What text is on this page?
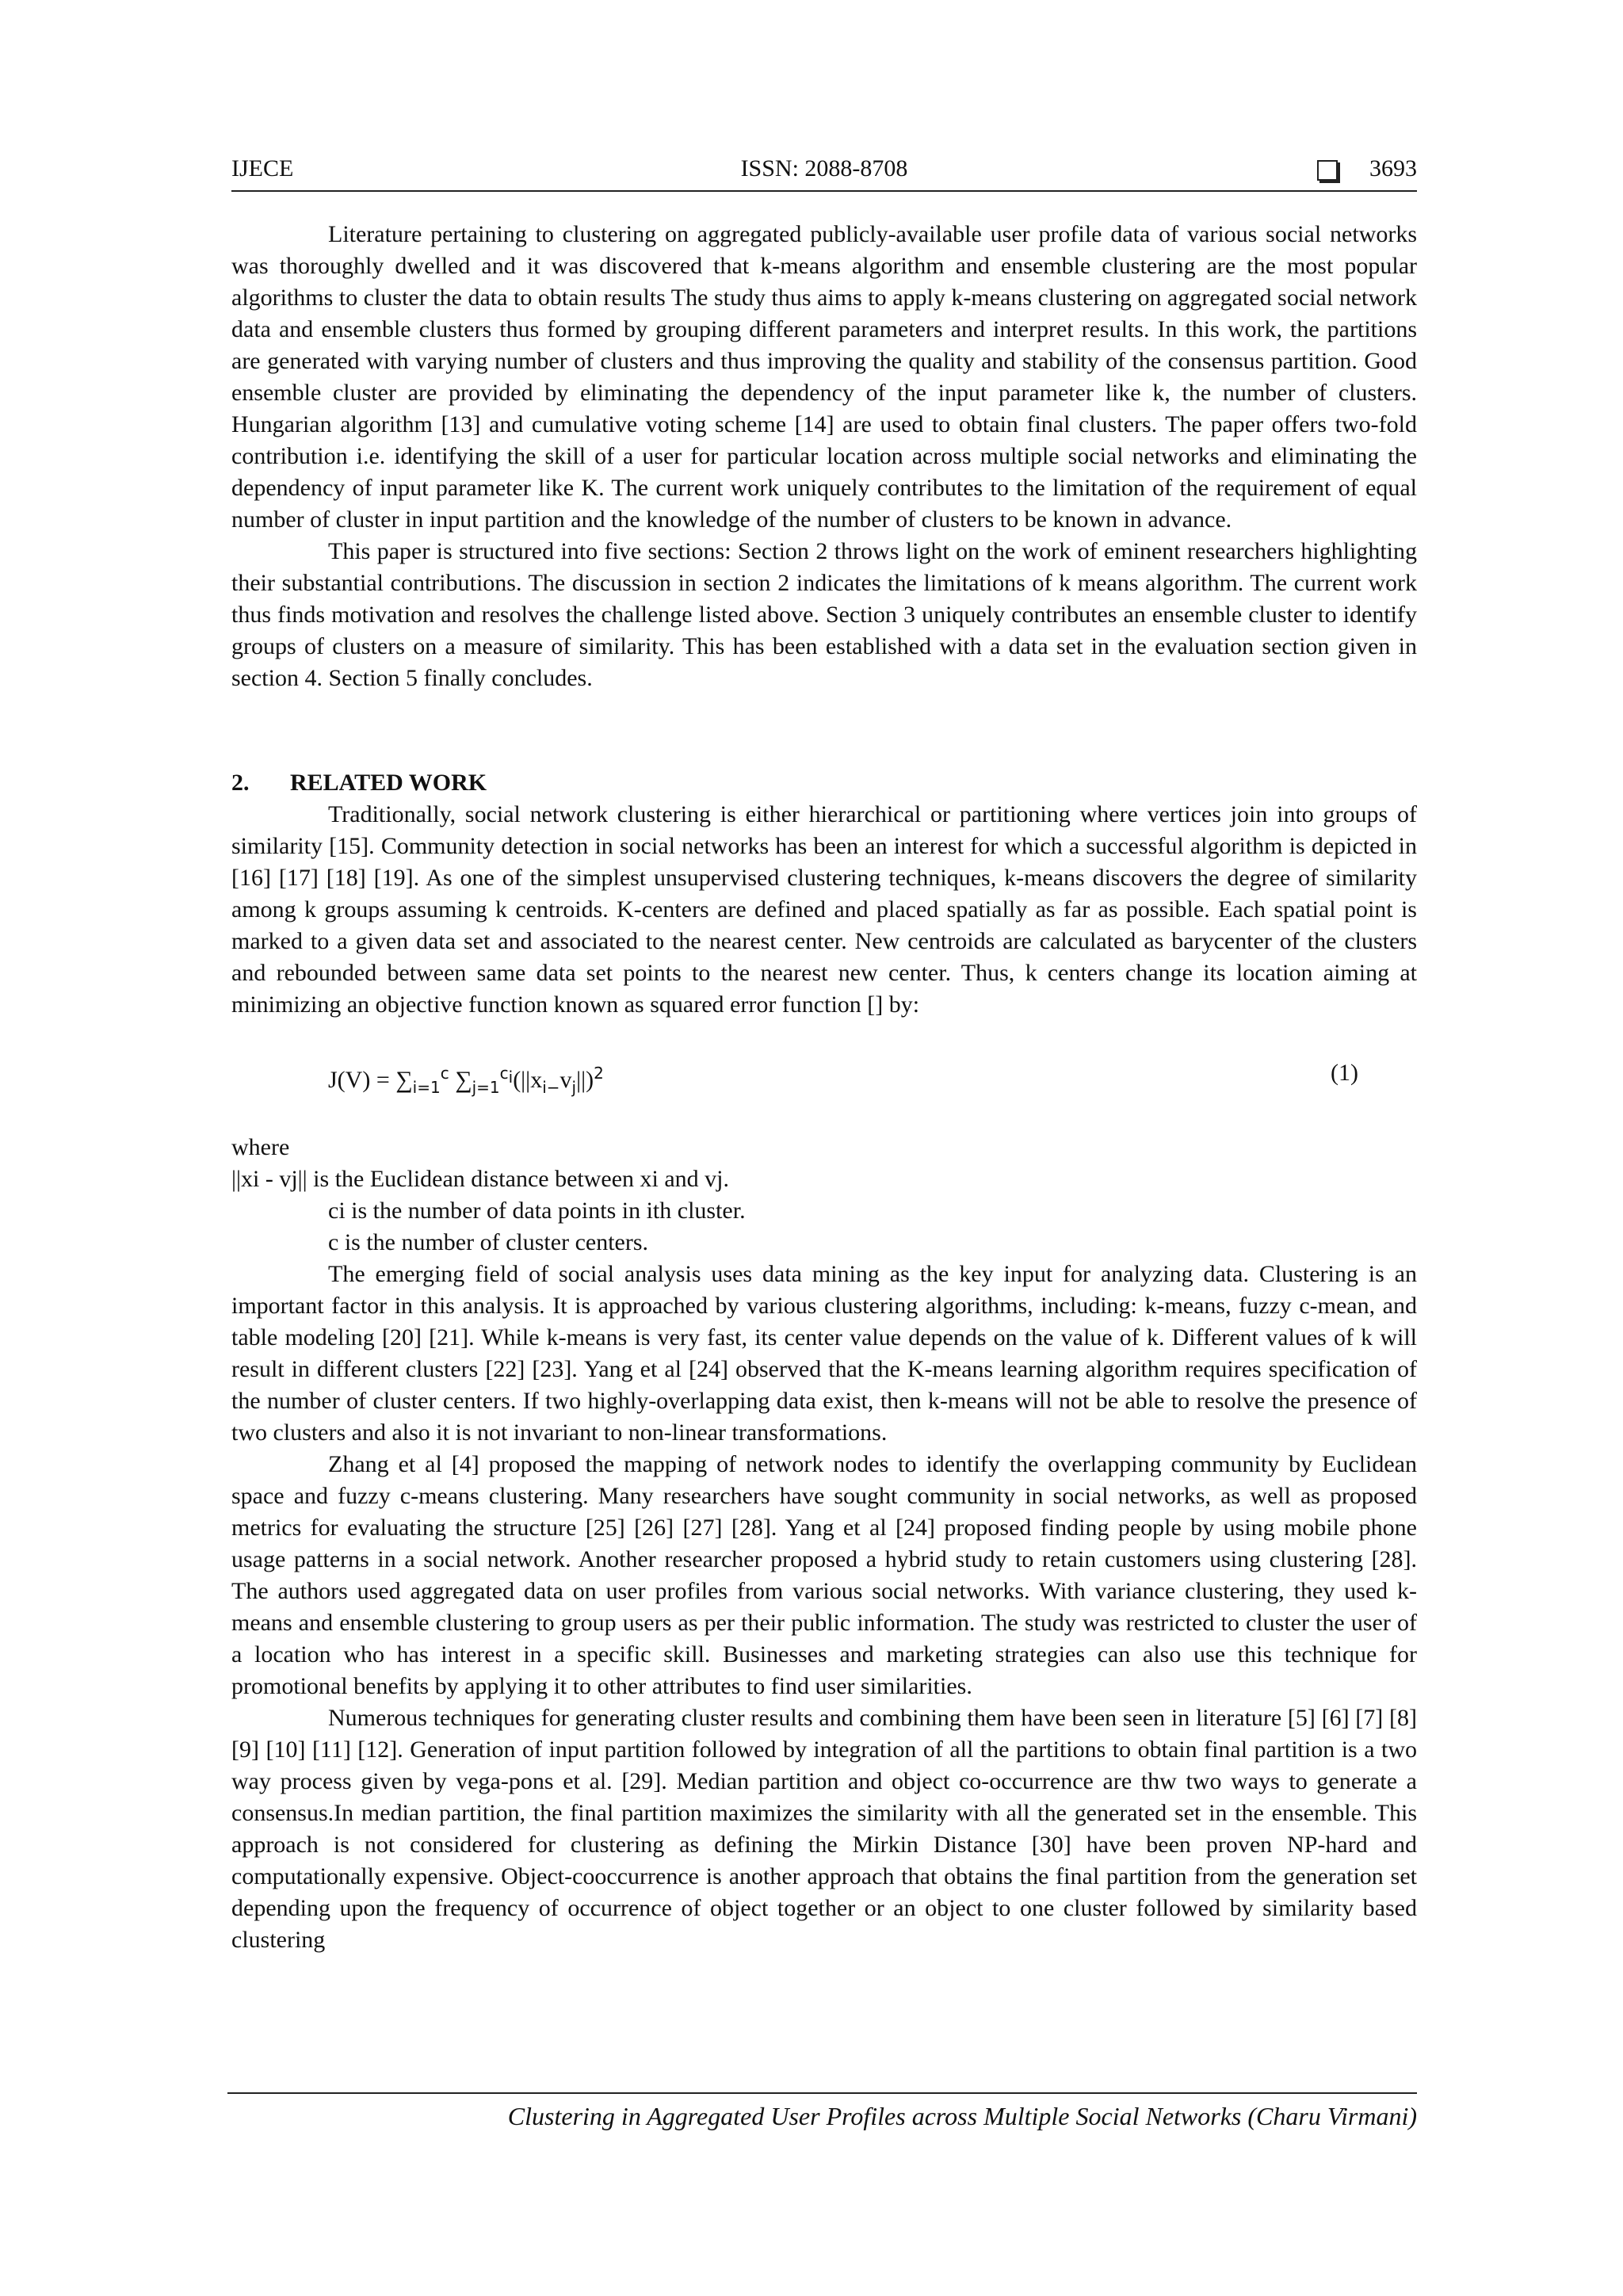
IJECE	ISSN: 2088-8708	3693

Literature pertaining to clustering on aggregated publicly-available user profile data of various social networks was thoroughly dwelled and it was discovered that k-means algorithm and ensemble clustering are the most popular algorithms to cluster the data to obtain results The study thus aims to apply k-means clustering on aggregated social network data and ensemble clusters thus formed by grouping different parameters and interpret results. In this work, the partitions are generated with varying number of clusters and thus improving the quality and stability of the consensus partition. Good ensemble cluster are provided by eliminating the dependency of the input parameter like k, the number of clusters. Hungarian algorithm [13] and cumulative voting scheme [14] are used to obtain final clusters. The paper offers two-fold contribution i.e. identifying the skill of a user for particular location across multiple social networks and eliminating the dependency of input parameter like K. The current work uniquely contributes to the limitation of the requirement of equal number of cluster in input partition and the knowledge of the number of clusters to be known in advance.

This paper is structured into five sections: Section 2 throws light on the work of eminent researchers highlighting their substantial contributions. The discussion in section 2 indicates the limitations of k means algorithm. The current work thus finds motivation and resolves the challenge listed above. Section 3 uniquely contributes an ensemble cluster to identify groups of clusters on a measure of similarity. This has been established with a data set in the evaluation section given in section 4. Section 5 finally concludes.

2. RELATED WORK

Traditionally, social network clustering is either hierarchical or partitioning where vertices join into groups of similarity [15]. Community detection in social networks has been an interest for which a successful algorithm is depicted in [16] [17] [18] [19]. As one of the simplest unsupervised clustering techniques, k-means discovers the degree of similarity among k groups assuming k centroids. K-centers are defined and placed spatially as far as possible. Each spatial point is marked to a given data set and associated to the nearest center. New centroids are calculated as barycenter of the clusters and rebounded between same data set points to the nearest new center. Thus, k centers change its location aiming at minimizing an objective function known as squared error function [] by:

$J(V) = \sum_{i=1}^c$ $\sum_{j=1}^{c_i}(||x_{i-}v_j||)^2$	(1)

where

||xi - vj|| is the Euclidean distance between xi and vj.

ci is the number of data points in ith cluster.

c is the number of cluster centers.

The emerging field of social analysis uses data mining as the key input for analyzing data. Clustering is an important factor in this analysis. It is approached by various clustering algorithms, including: k-means, fuzzy c-mean, and table modeling [20] [21]. While k-means is very fast, its center value depends on the value of k. Different values of k will result in different clusters [22] [23]. Yang et al [24] observed that the K-means learning algorithm requires specification of the number of cluster centers. If two highly-overlapping data exist, then k-means will not be able to resolve the presence of two clusters and also it is not invariant to non-linear transformations.

Zhang et al [4] proposed the mapping of network nodes to identify the overlapping community by Euclidean space and fuzzy c-means clustering. Many researchers have sought community in social networks, as well as proposed metrics for evaluating the structure [25] [26] [27] [28]. Yang et al [24] proposed finding people by using mobile phone usage patterns in a social network. Another researcher proposed a hybrid study to retain customers using clustering [28]. The authors used aggregated data on user profiles from various social networks. With variance clustering, they used k-means and ensemble clustering to group users as per their public information. The study was restricted to cluster the user of a location who has interest in a specific skill. Businesses and marketing strategies can also use this technique for promotional benefits by applying it to other attributes to find user similarities.

Numerous techniques for generating cluster results and combining them have been seen in literature [5] [6] [7] [8] [9] [10] [11] [12]. Generation of input partition followed by integration of all the partitions to obtain final partition is a two way process given by vega-pons et al. [29]. Median partition and object co-occurrence are thw two ways to generate a consensus.In median partition, the final partition maximizes the similarity with all the generated set in the ensemble. This approach is not considered for clustering as defining the Mirkin Distance [30] have been proven NP-hard and computationally expensive. Object-cooccurrence is another approach that obtains the final partition from the generation set depending upon the frequency of occurrence of object together or an object to one cluster followed by similarity based clustering

Clustering in Aggregated User Profiles across Multiple Social Networks (Charu Virmani)
